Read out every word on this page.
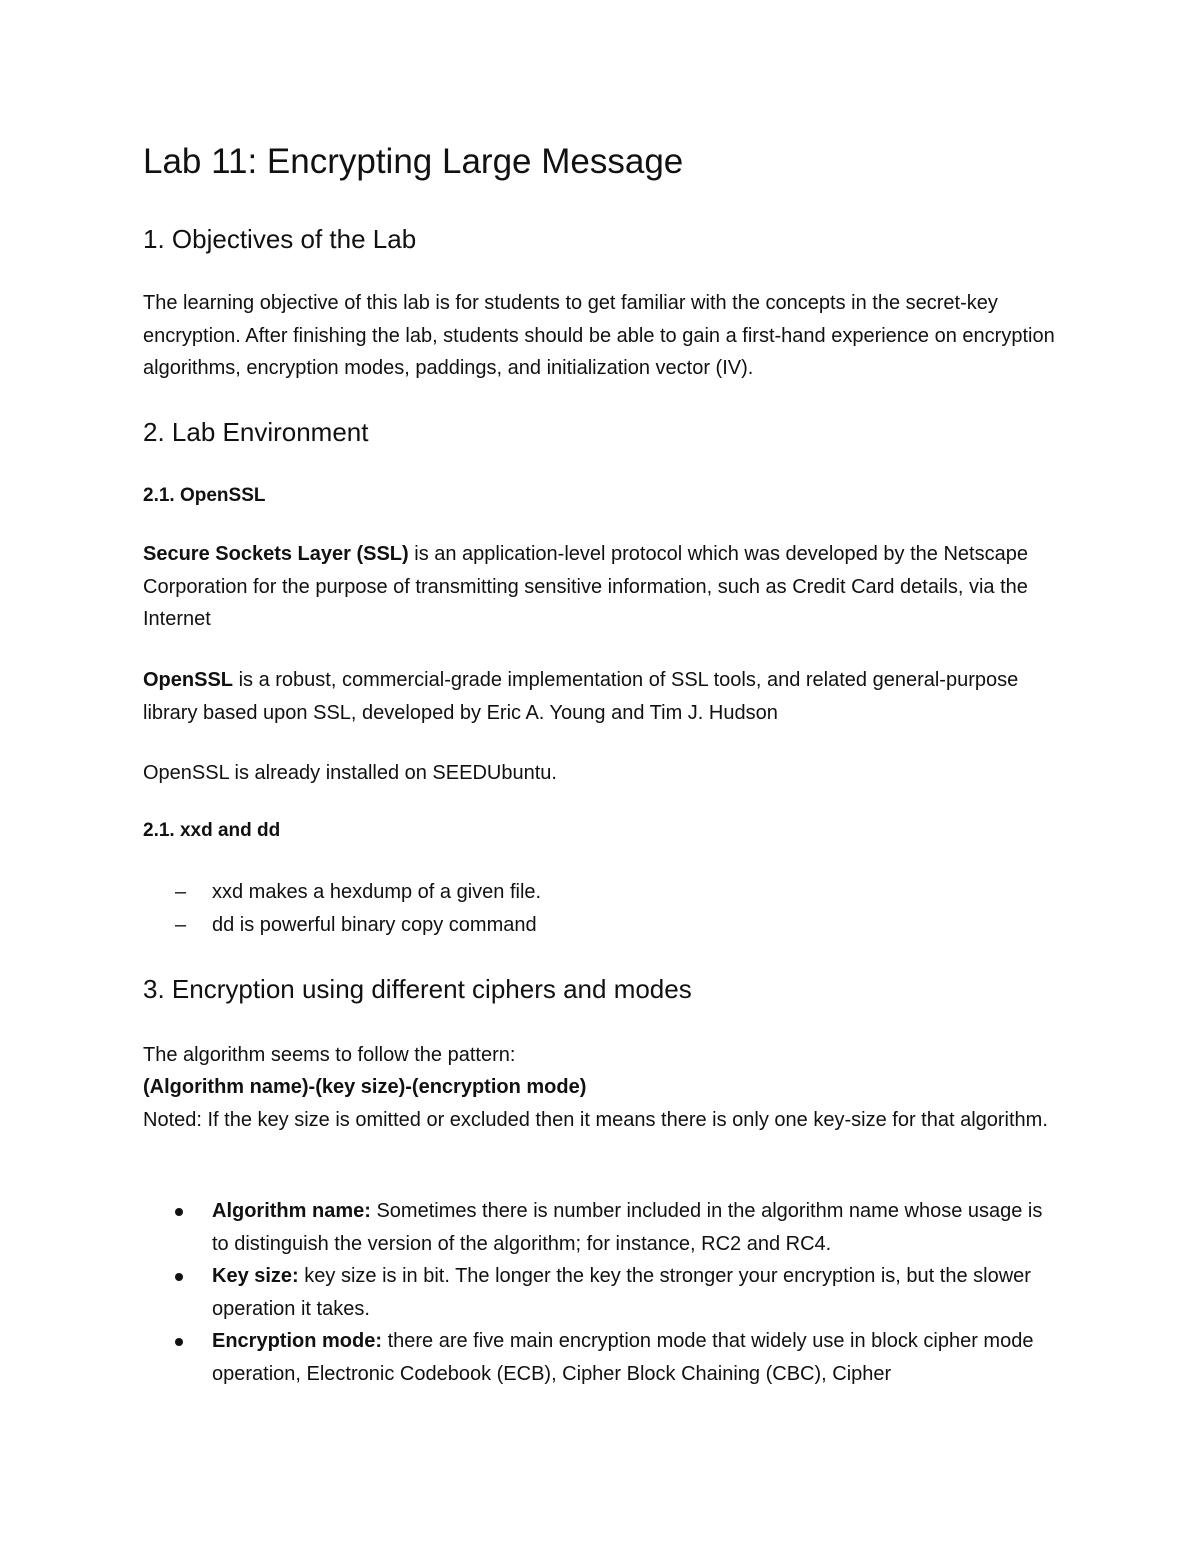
Lab 11: Encrypting Large Message
1. Objectives of the Lab

The learning objective of this lab is for students to get familiar with the concepts in the secret-key encryption. After finishing the lab, students should be able to gain a first-hand experience on encryption algorithms, encryption modes, paddings, and initialization vector (IV).

2. Lab Environment
2.1. OpenSSL

Secure Sockets Layer (SSL) is an application-level protocol which was developed by the Netscape Corporation for the purpose of transmitting sensitive information, such as Credit Card details, via the Internet

OpenSSL is a robust, commercial-grade implementation of SSL tools, and related general-purpose library based upon SSL, developed by Eric A. Young and Tim J. Hudson

OpenSSL is already installed on SEEDUbuntu.

2.1. xxd and dd
–	xxd makes a hexdump of a given file.
–	dd is powerful binary copy command
3. Encryption using different ciphers and modes

The algorithm seems to follow the pattern:

(Algorithm name)-(key size)-(encryption mode)

Noted: If the key size is omitted or excluded then it means there is only one key-size for that algorithm.

Algorithm name: Sometimes there is number included in the algorithm name whose usage is to distinguish the version of the algorithm; for instance, RC2 and RC4.
Key size: key size is in bit. The longer the key the stronger your encryption is, but the slower operation it takes.
Encryption mode: there are five main encryption mode that widely use in block cipher mode operation, Electronic Codebook (ECB), Cipher Block Chaining (CBC), Cipher
